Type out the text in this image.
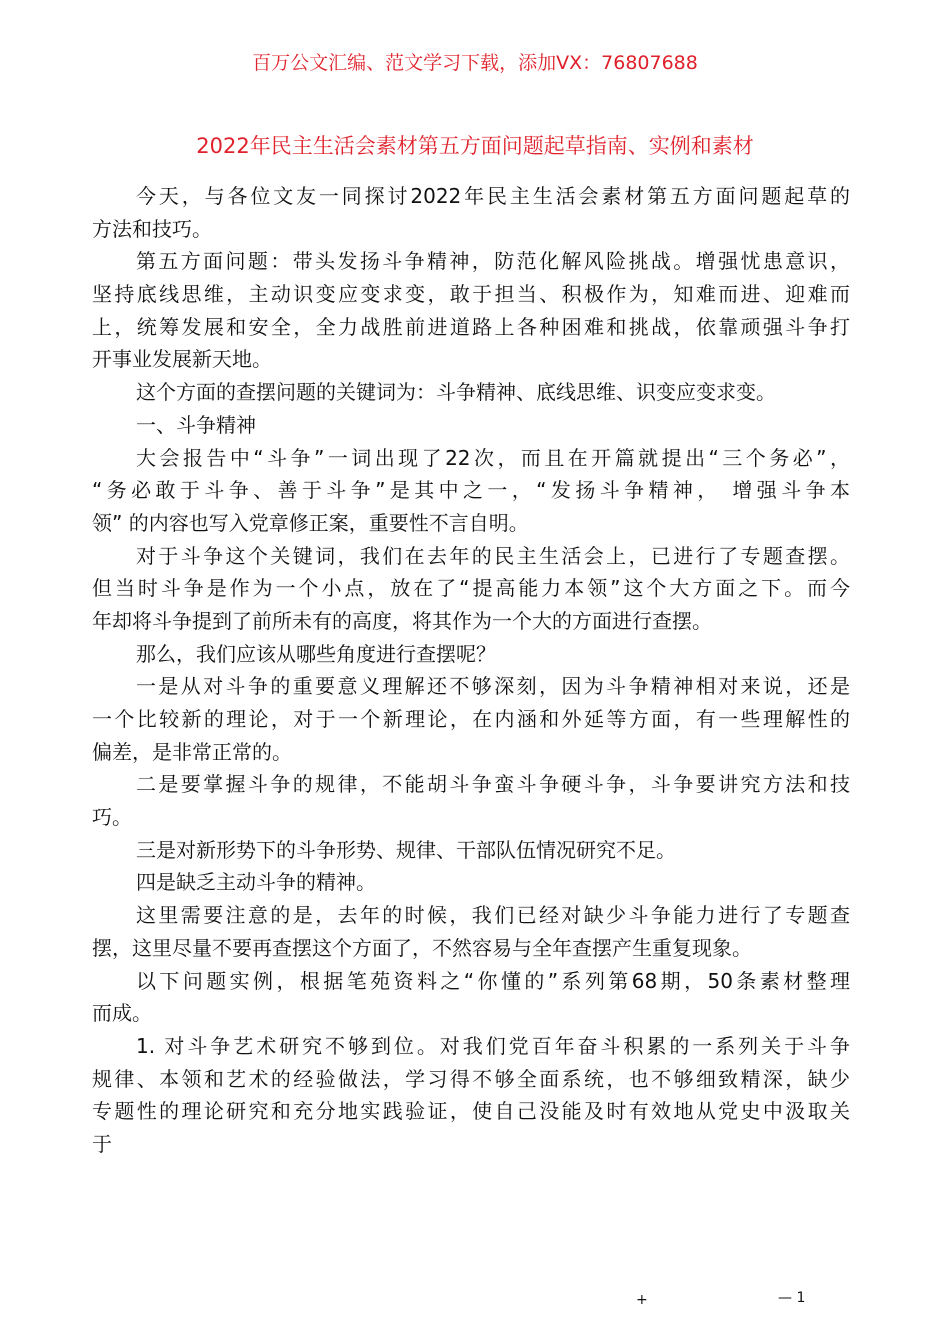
百万公文汇编、范文学习下载，添加VX：76807688
2022年民主生活会素材第五方面问题起草指南、实例和素材
今天，与各位文友一同探讨2022年民主生活会素材第五方面问题起草的
方法和技巧。
第五方面问题：带头发扬斗争精神，防范化解风险挑战。增强忧患意识，
坚持底线思维，主动识变应变求变，敢于担当、积极作为，知难而进、迎难而
上，统筹发展和安全，全力战胜前进道路上各种困难和挑战，依靠顽强斗争打
开事业发展新天地。
这个方面的查摆问题的关键词为：斗争精神、底线思维、识变应变求变。
一、斗争精神
大会报告中“斗争”一词出现了22次，而且在开篇就提出“三个务必”，
“务必敢于斗争、善于斗争”是其中之一，“发扬斗争精神， 增强斗争本
领” 的内容也写入党章修正案，重要性不言自明。
对于斗争这个关键词，我们在去年的民主生活会上，已进行了专题查摆。
但当时斗争是作为一个小点，放在了“提高能力本领”这个大方面之下。而今
年却将斗争提到了前所未有的高度，将其作为一个大的方面进行查摆。
那么，我们应该从哪些角度进行查摆呢？
一是从对斗争的重要意义理解还不够深刻，因为斗争精神相对来说，还是
一个比较新的理论，对于一个新理论，在内涵和外延等方面，有一些理解性的
偏差，是非常正常的。
二是要掌握斗争的规律，不能胡斗争蛮斗争硬斗争，斗争要讲究方法和技
巧。
三是对新形势下的斗争形势、规律、干部队伍情况研究不足。
四是缺乏主动斗争的精神。
这里需要注意的是，去年的时候，我们已经对缺少斗争能力进行了专题查
摆，这里尽量不要再查摆这个方面了，不然容易与全年查摆产生重复现象。
以下问题实例，根据笔苑资料之“你懂的”系列第68期，50条素材整理
而成。
1. 对斗争艺术研究不够到位。对我们党百年奋斗积累的一系列关于斗争
规律、本领和艺术的经验做法，学习得不够全面系统，也不够细致精深，缺少
专题性的理论研究和充分地实践验证，使自己没能及时有效地从党史中汲取关
于
+	— 1
